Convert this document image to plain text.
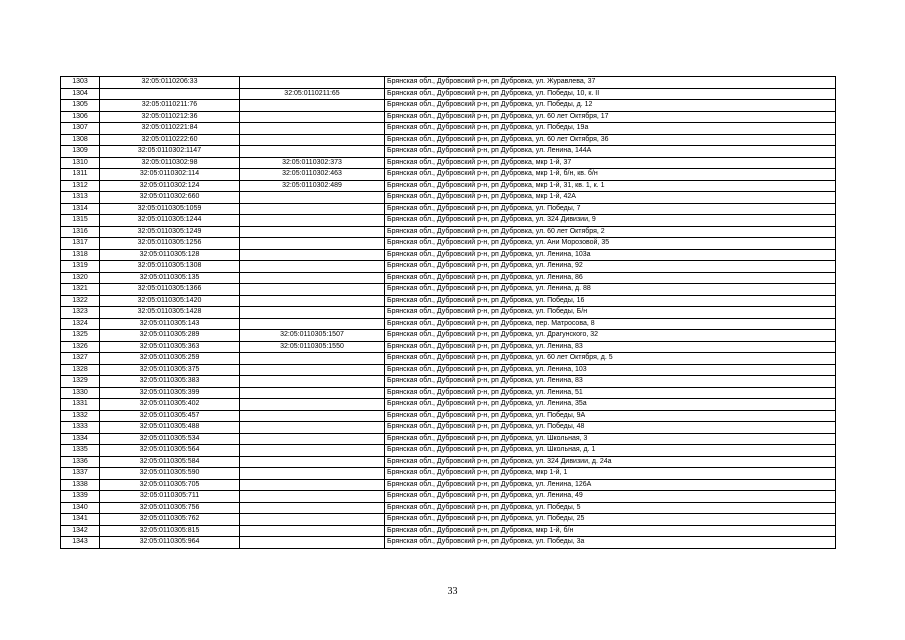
1303	32:05:0110206:33		Брянская обл., Дубровский р-н, рп Дубровка, ул. Журавлева, 37
1304		32:05:0110211:65	Брянская обл., Дубровский р-н, рп Дубровка, ул. Победы, 10, к. II
1305	32:05:0110211:76		Брянская обл., Дубровский р-н, рп Дубровка, ул. Победы, д. 12
1306	32:05:0110212:36		Брянская обл., Дубровский р-н, рп Дубровка, ул. 60 лет Октября, 17
1307	32:05:0110221:84		Брянская обл., Дубровский р-н, рп Дубровка, ул. Победы, 19а
1308	32:05:0110222:60		Брянская обл., Дубровский р-н, рп Дубровка, ул. 60 лет Октября, 36
1309	32:05:0110302:1147		Брянская обл., Дубровский р-н, рп Дубровка, ул. Ленина, 144А
1310	32:05:0110302:98	32:05:0110302:373	Брянская обл., Дубровский р-н, рп Дубровка, мкр 1-й, 37
1311	32:05:0110302:114	32:05:0110302:463	Брянская обл., Дубровский р-н, рп Дубровка, мкр 1-й, б/н, кв. б/н
1312	32:05:0110302:124	32:05:0110302:489	Брянская обл., Дубровский р-н, рп Дубровка, мкр 1-й, 31, кв. 1, к. 1
1313	32:05:0110302:660		Брянская обл., Дубровский р-н, рп Дубровка, мкр 1-й, 42А
1314	32:05:0110305:1059		Брянская обл., Дубровский р-н, рп Дубровка, ул. Победы, 7
1315	32:05:0110305:1244		Брянская обл., Дубровский р-н, рп Дубровка, ул. 324 Дивизии, 9
1316	32:05:0110305:1249		Брянская обл., Дубровский р-н, рп Дубровка, ул. 60 лет Октября, 2
1317	32:05:0110305:1256		Брянская обл., Дубровский р-н, рп Дубровка, ул. Ани Морозовой, 35
1318	32:05:0110305:128		Брянская обл., Дубровский р-н, рп Дубровка, ул. Ленина, 103а
1319	32:05:0110305:1308		Брянская обл., Дубровский р-н, рп Дубровка, ул. Ленина, 92
1320	32:05:0110305:135		Брянская обл., Дубровский р-н, рп Дубровка, ул. Ленина, 86
1321	32:05:0110305:1366		Брянская обл., Дубровский р-н, рп Дубровка, ул. Ленина, д. 88
1322	32:05:0110305:1420		Брянская обл., Дубровский р-н, рп Дубровка, ул. Победы, 16
1323	32:05:0110305:1428		Брянская обл., Дубровский р-н, рп Дубровка, ул. Победы, Б/н
1324	32:05:0110305:143		Брянская обл., Дубровский р-н, рп Дубровка, пер. Матросова, 8
1325	32:05:0110305:289	32:05:0110305:1507	Брянская обл., Дубровский р-н, рп Дубровка, ул. Драгунского, 32
1326	32:05:0110305:363	32:05:0110305:1550	Брянская обл., Дубровский р-н, рп Дубровка, ул. Ленина, 83
1327	32:05:0110305:259		Брянская обл., Дубровский р-н, рп Дубровка, ул. 60 лет Октября, д. 5
1328	32:05:0110305:375		Брянская обл., Дубровский р-н, рп Дубровка, ул. Ленина, 103
1329	32:05:0110305:383		Брянская обл., Дубровский р-н, рп Дубровка, ул. Ленина, 83
1330	32:05:0110305:399		Брянская обл., Дубровский р-н, рп Дубровка, ул. Ленина, 51
1331	32:05:0110305:402		Брянская обл., Дубровский р-н, рп Дубровка, ул. Ленина, 35а
1332	32:05:0110305:457		Брянская обл., Дубровский р-н, рп Дубровка, ул. Победы, 9А
1333	32:05:0110305:488		Брянская обл., Дубровский р-н, рп Дубровка, ул. Победы, 48
1334	32:05:0110305:534		Брянская обл., Дубровский р-н, рп Дубровка, ул. Школьная, 3
1335	32:05:0110305:564		Брянская обл., Дубровский р-н, рп Дубровка, ул. Школьная, д. 1
1336	32:05:0110305:584		Брянская обл., Дубровский р-н, рп Дубровка, ул. 324 Дивизии, д. 24а
1337	32:05:0110305:590		Брянская обл., Дубровский р-н, рп Дубровка, мкр 1-й, 1
1338	32:05:0110305:705		Брянская обл., Дубровский р-н, рп Дубровка, ул. Ленина, 126А
1339	32:05:0110305:711		Брянская обл., Дубровский р-н, рп Дубровка, ул. Ленина, 49
1340	32:05:0110305:756		Брянская обл., Дубровский р-н, рп Дубровка, ул. Победы, 5
1341	32:05:0110305:762		Брянская обл., Дубровский р-н, рп Дубровка, ул. Победы, 25
1342	32:05:0110305:815		Брянская обл., Дубровский р-н, рп Дубровка, мкр 1-й, б/н
1343	32:05:0110305:964		Брянская обл., Дубровский р-н, рп Дубровка, ул. Победы, 3а
33
